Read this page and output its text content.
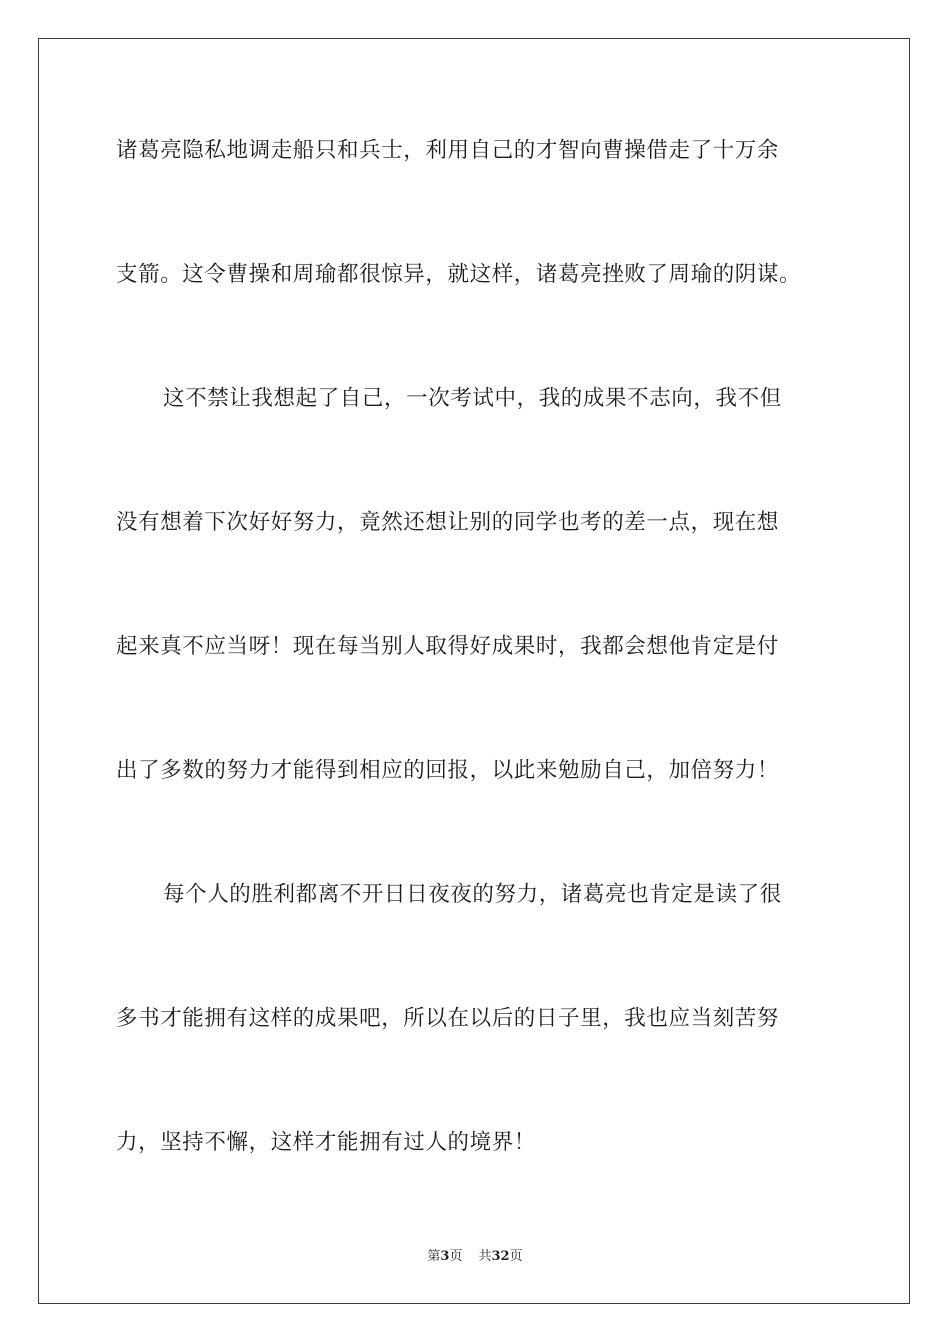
诸葛亮隐私地调走船只和兵士，利用自己的才智向曹操借走了十万余
支箭。这令曹操和周瑜都很惊异，就这样，诸葛亮挫败了周瑜的阴谋。
这不禁让我想起了自己，一次考试中，我的成果不志向，我不但
没有想着下次好好努力，竟然还想让别的同学也考的差一点，现在想
起来真不应当呀！现在每当别人取得好成果时，我都会想他肯定是付
出了多数的努力才能得到相应的回报，以此来勉励自己，加倍努力！
每个人的胜利都离不开日日夜夜的努力，诸葛亮也肯定是读了很
多书才能拥有这样的成果吧，所以在以后的日子里，我也应当刻苦努
力，坚持不懈，这样才能拥有过人的境界！
第3页 共32页
